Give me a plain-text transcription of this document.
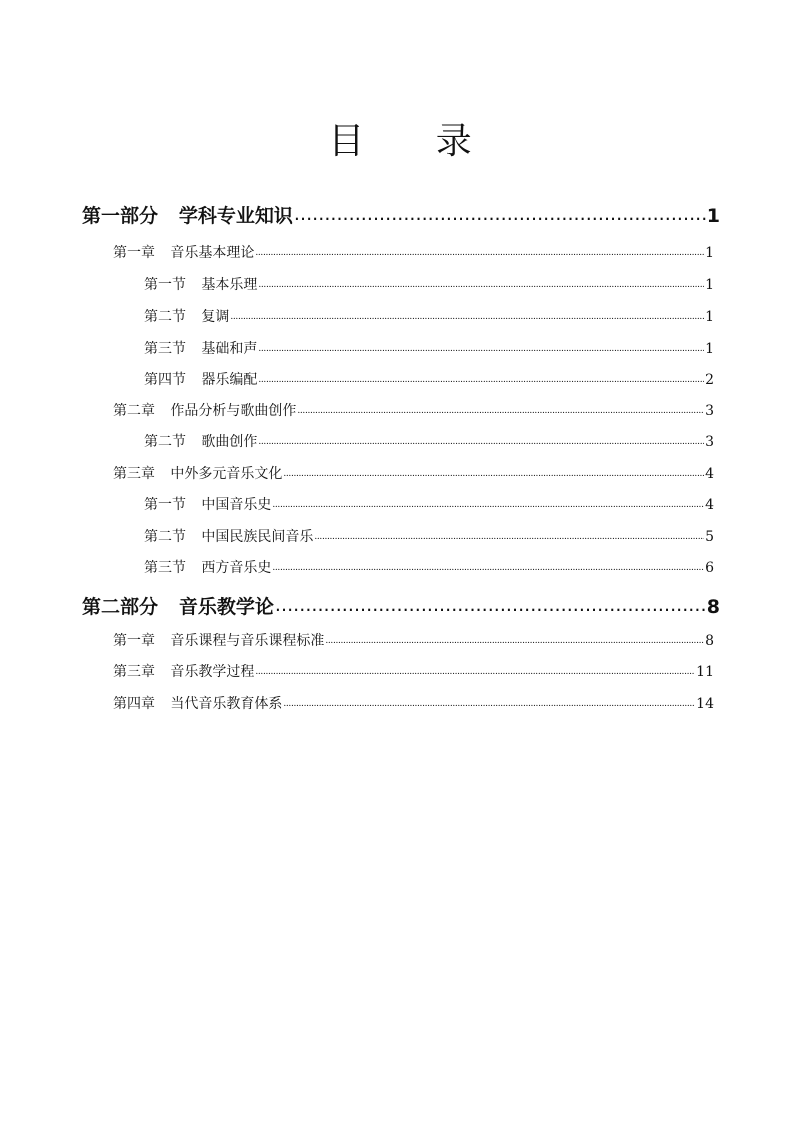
目 录
第一部分 学科专业知识 . . .	1
第一章 音乐基本理论 . . .	1
第一节 基本乐理 . . .	1
第二节 复调 . . .	1
第三节 基础和声 . . .	1
第四节 器乐编配 . . .	2
第二章 作品分析与歌曲创作 . . .	3
第二节 歌曲创作 . . .	3
第三章 中外多元音乐文化 . . .	4
第一节 中国音乐史 . . .	4
第二节 中国民族民间音乐 . . .	5
第三节 西方音乐史 . . .	6
第二部分 音乐教学论 . . .	8
第一章 音乐课程与音乐课程标准 . . .	8
第三章 音乐教学过程 . . .	11
第四章 当代音乐教育体系 . . .	14
